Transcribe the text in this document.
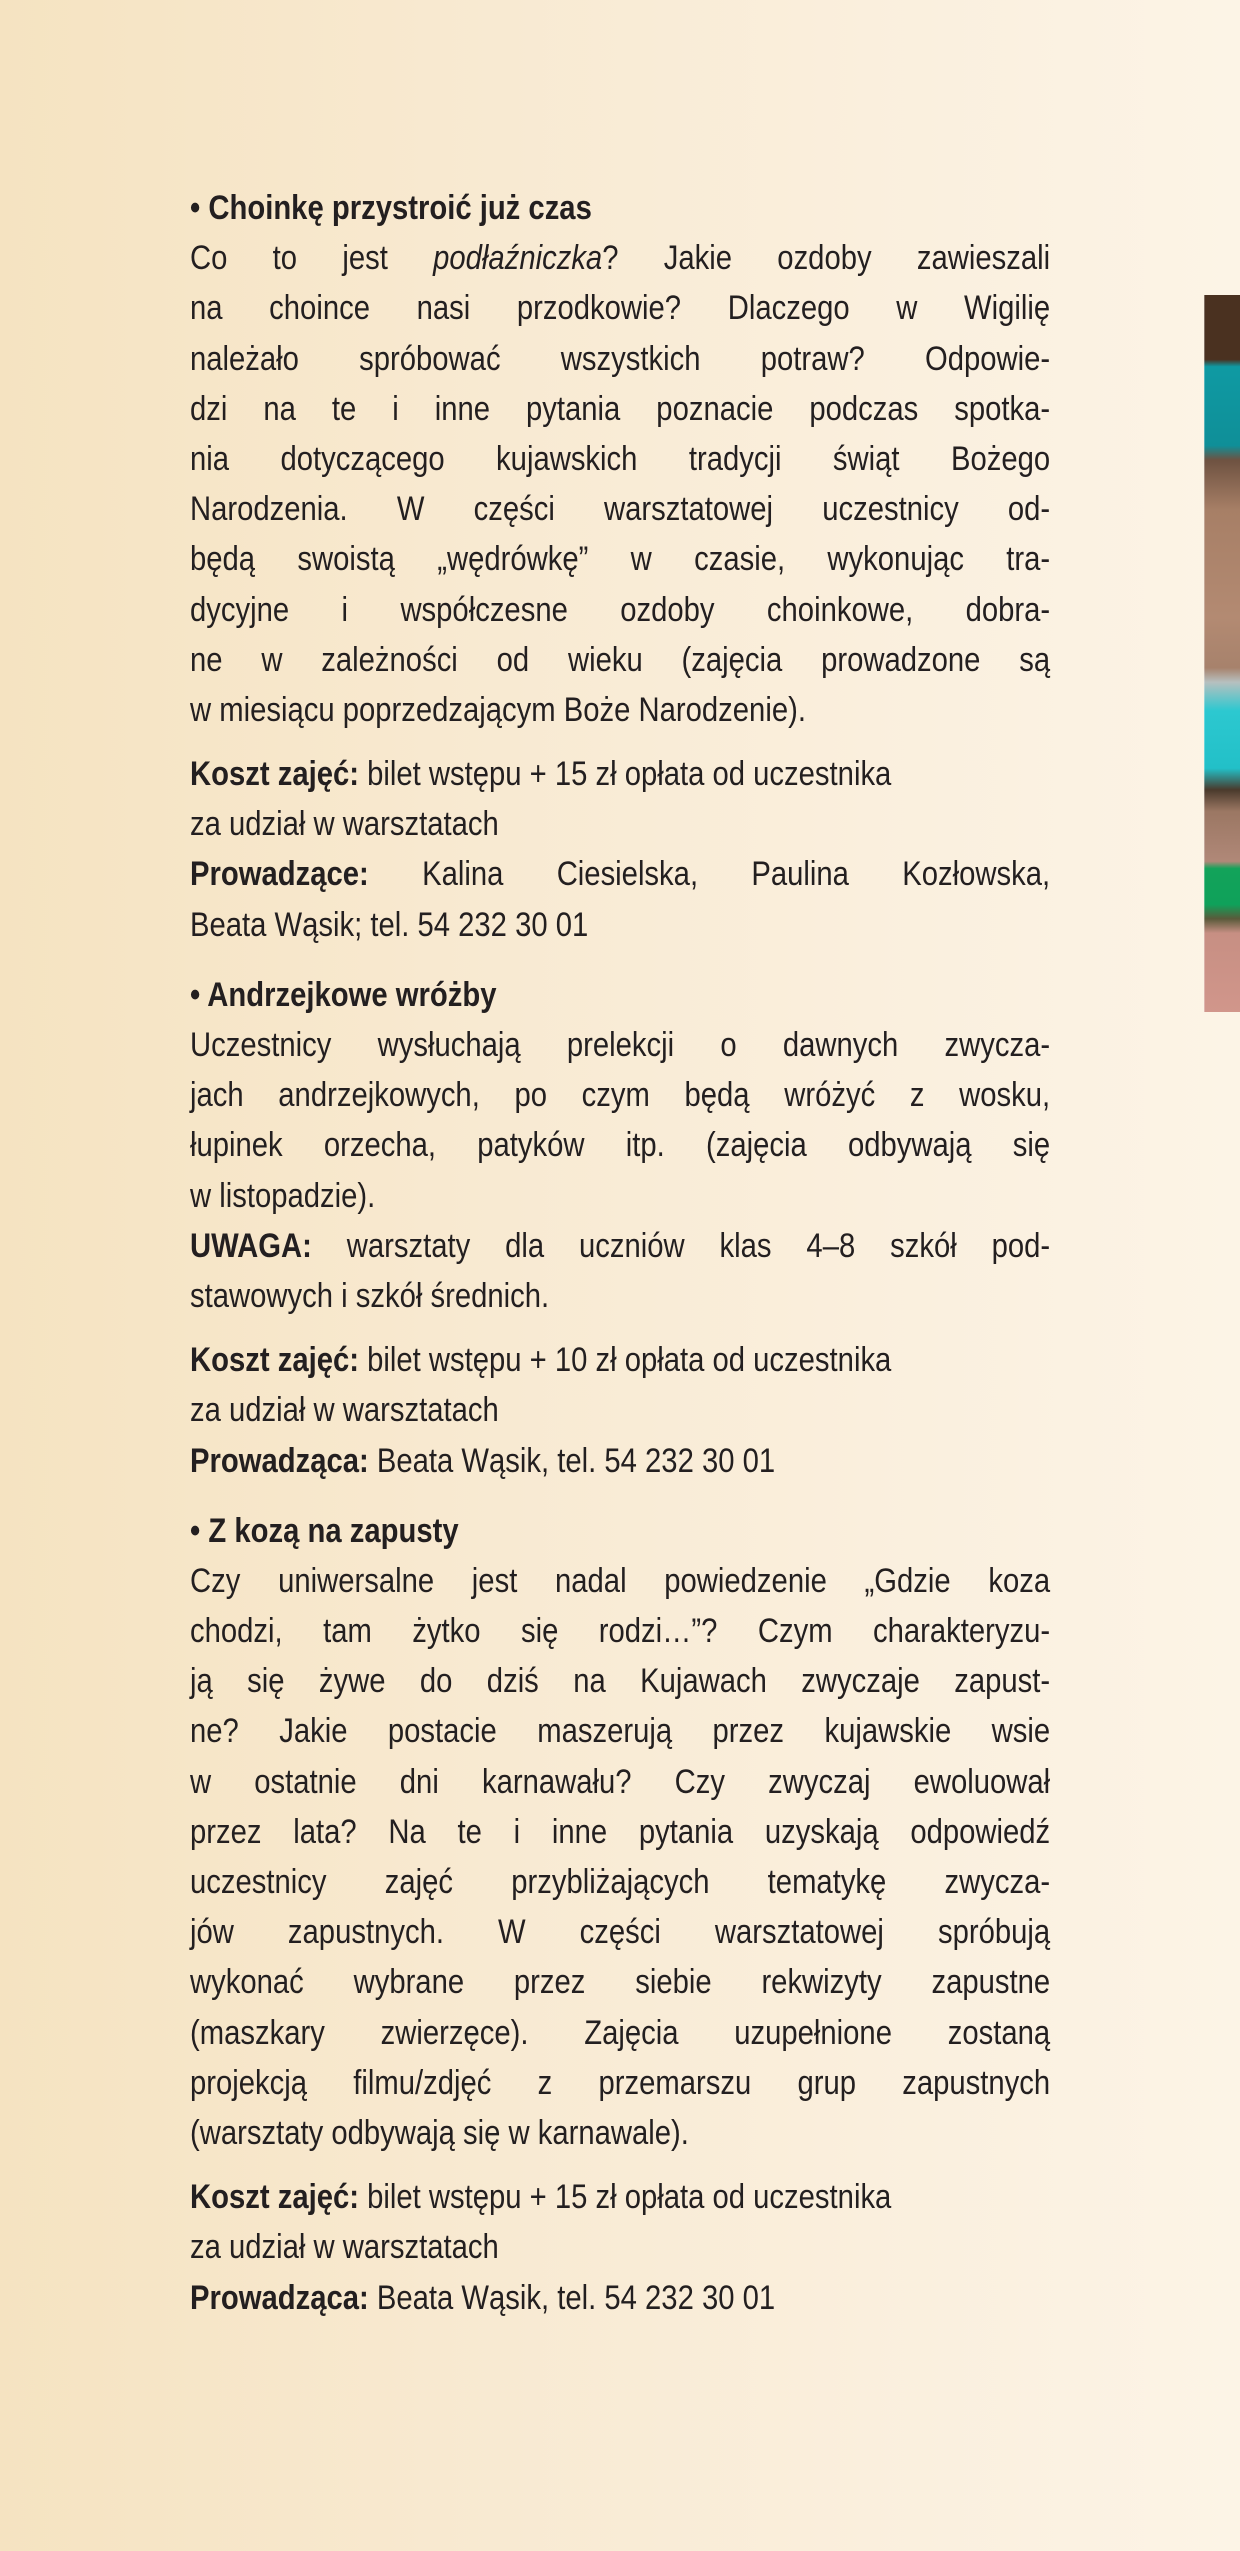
• Choinkę przystroić już czas
Co to jest podłaźniczka? Jakie ozdoby zawieszali
na choince nasi przodkowie? Dlaczego w Wigilię
należało spróbować wszystkich potraw? Odpowie-
dzi na te i inne pytania poznacie podczas spotka-
nia dotyczącego kujawskich tradycji świąt Bożego
Narodzenia. W części warsztatowej uczestnicy od-
będą swoistą „wędrówkę” w czasie, wykonując tra-
dycyjne i współczesne ozdoby choinkowe, dobra-
ne w zależności od wieku (zajęcia prowadzone są
w miesiącu poprzedzającym Boże Narodzenie).
Koszt zajęć: bilet wstępu + 15 zł opłata od uczestnika
za udział w warsztatach
Prowadzące: Kalina Ciesielska, Paulina Kozłowska,
Beata Wąsik; tel. 54 232 30 01
• Andrzejkowe wróżby
Uczestnicy wysłuchają prelekcji o dawnych zwycza-
jach andrzejkowych, po czym będą wróżyć z wosku,
łupinek orzecha, patyków itp. (zajęcia odbywają się
w listopadzie).
UWAGA: warsztaty dla uczniów klas 4–8 szkół pod-
stawowych i szkół średnich.
Koszt zajęć: bilet wstępu + 10 zł opłata od uczestnika
za udział w warsztatach
Prowadząca: Beata Wąsik, tel. 54 232 30 01
• Z kozą na zapusty
Czy uniwersalne jest nadal powiedzenie „Gdzie koza
chodzi, tam żytko się rodzi…”? Czym charakteryzu-
ją się żywe do dziś na Kujawach zwyczaje zapust-
ne? Jakie postacie maszerują przez kujawskie wsie
w ostatnie dni karnawału? Czy zwyczaj ewoluował
przez lata? Na te i inne pytania uzyskają odpowiedź
uczestnicy zajęć przybliżających tematykę zwycza-
jów zapustnych. W części warsztatowej spróbują
wykonać wybrane przez siebie rekwizyty zapustne
(maszkary zwierzęce). Zajęcia uzupełnione zostaną
projekcją filmu/zdjęć z przemarszu grup zapustnych
(warsztaty odbywają się w karnawale).
Koszt zajęć: bilet wstępu + 15 zł opłata od uczestnika
za udział w warsztatach
Prowadząca: Beata Wąsik, tel. 54 232 30 01
